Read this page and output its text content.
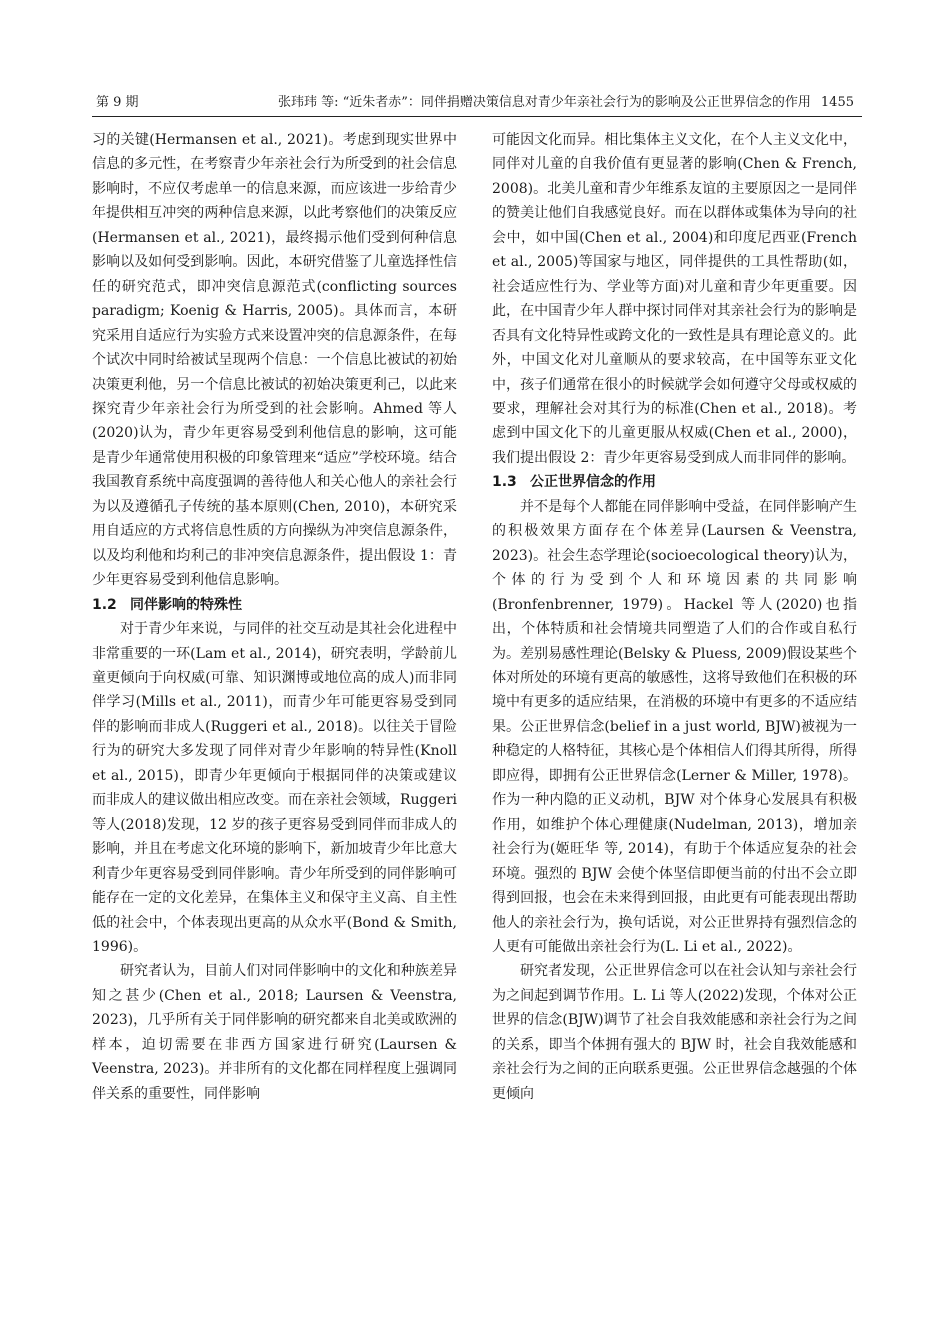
第 9 期	张玮玮 等: “近朱者赤”：同伴捐赠决策信息对青少年亲社会行为的影响及公正世界信念的作用 1455

习的关键(Hermansen et al., 2021)。考虑到现实世界中信息的多元性，在考察青少年亲社会行为所受到的社会信息影响时，不应仅考虑单一的信息来源，而应该进一步给青少年提供相互冲突的两种信息来源，以此考察他们的决策反应(Hermansen et al., 2021)，最终揭示他们受到何种信息影响以及如何受到影响。因此，本研究借鉴了儿童选择性信任的研究范式，即冲突信息源范式(conflicting sources paradigm; Koenig & Harris, 2005)。具体而言，本研究采用自适应行为实验方式来设置冲突的信息源条件，在每个试次中同时给被试呈现两个信息：一个信息比被试的初始决策更利他，另一个信息比被试的初始决策更利己，以此来探究青少年亲社会行为所受到的社会影响。Ahmed 等人(2020)认为，青少年更容易受到利他信息的影响，这可能是青少年通常使用积极的印象管理来“适应”学校环境。结合我国教育系统中高度强调的善待他人和关心他人的亲社会行为以及遵循孔子传统的基本原则(Chen, 2010)，本研究采用自适应的方式将信息性质的方向操纵为冲突信息源条件，以及均利他和均利己的非冲突信息源条件，提出假设 1：青少年更容易受到利他信息影响。

1.2 同伴影响的特殊性

对于青少年来说，与同伴的社交互动是其社会化进程中非常重要的一环(Lam et al., 2014)，研究表明，学龄前儿童更倾向于向权威(可靠、知识渊博或地位高的成人)而非同伴学习(Mills et al., 2011)，而青少年可能更容易受到同伴的影响而非成人(Ruggeri et al., 2018)。以往关于冒险行为的研究大多发现了同伴对青少年影响的特异性(Knoll et al., 2015)，即青少年更倾向于根据同伴的决策或建议而非成人的建议做出相应改变。而在亲社会领域，Ruggeri 等人(2018)发现，12 岁的孩子更容易受到同伴而非成人的影响，并且在考虑文化环境的影响下，新加坡青少年比意大利青少年更容易受到同伴影响。青少年所受到的同伴影响可能存在一定的文化差异，在集体主义和保守主义高、自主性低的社会中，个体表现出更高的从众水平(Bond & Smith, 1996)。

研究者认为，目前人们对同伴影响中的文化和种族差异知之甚少(Chen et al., 2018; Laursen & Veenstra, 2023)，几乎所有关于同伴影响的研究都来自北美或欧洲的样本，迫切需要在非西方国家进行研究(Laursen & Veenstra, 2023)。并非所有的文化都在同样程度上强调同伴关系的重要性，同伴影响

可能因文化而异。相比集体主义文化，在个人主义文化中，同伴对儿童的自我价值有更显著的影响(Chen & French, 2008)。北美儿童和青少年维系友谊的主要原因之一是同伴的赞美让他们自我感觉良好。而在以群体或集体为导向的社会中，如中国(Chen et al., 2004)和印度尼西亚(French et al., 2005)等国家与地区，同伴提供的工具性帮助(如，社会适应性行为、学业等方面)对儿童和青少年更重要。因此，在中国青少年人群中探讨同伴对其亲社会行为的影响是否具有文化特异性或跨文化的一致性是具有理论意义的。此外，中国文化对儿童顺从的要求较高，在中国等东亚文化中，孩子们通常在很小的时候就学会如何遵守父母或权威的要求，理解社会对其行为的标准(Chen et al., 2018)。考虑到中国文化下的儿童更服从权威(Chen et al., 2000)，我们提出假设 2：青少年更容易受到成人而非同伴的影响。

1.3 公正世界信念的作用

并不是每个人都能在同伴影响中受益，在同伴影响产生的积极效果方面存在个体差异(Laursen & Veenstra, 2023)。社会生态学理论(socioecological theory)认为，个体的行为受到个人和环境因素的共同影响(Bronfenbrenner, 1979)。Hackel 等人(2020)也指出，个体特质和社会情境共同塑造了人们的合作或自私行为。差别易感性理论(Belsky & Pluess, 2009)假设某些个体对所处的环境有更高的敏感性，这将导致他们在积极的环境中有更多的适应结果，在消极的环境中有更多的不适应结果。公正世界信念(belief in a just world, BJW)被视为一种稳定的人格特征，其核心是个体相信人们得其所得，所得即应得，即拥有公正世界信念(Lerner & Miller, 1978)。作为一种内隐的正义动机，BJW 对个体身心发展具有积极作用，如维护个体心理健康(Nudelman, 2013)，增加亲社会行为(姬旺华 等, 2014)，有助于个体适应复杂的社会环境。强烈的 BJW 会使个体坚信即便当前的付出不会立即得到回报，也会在未来得到回报，由此更有可能表现出帮助他人的亲社会行为，换句话说，对公正世界持有强烈信念的人更有可能做出亲社会行为(L. Li et al., 2022)。

研究者发现，公正世界信念可以在社会认知与亲社会行为之间起到调节作用。L. Li 等人(2022)发现，个体对公正世界的信念(BJW)调节了社会自我效能感和亲社会行为之间的关系，即当个体拥有强大的 BJW 时，社会自我效能感和亲社会行为之间的正向联系更强。公正世界信念越强的个体更倾向
